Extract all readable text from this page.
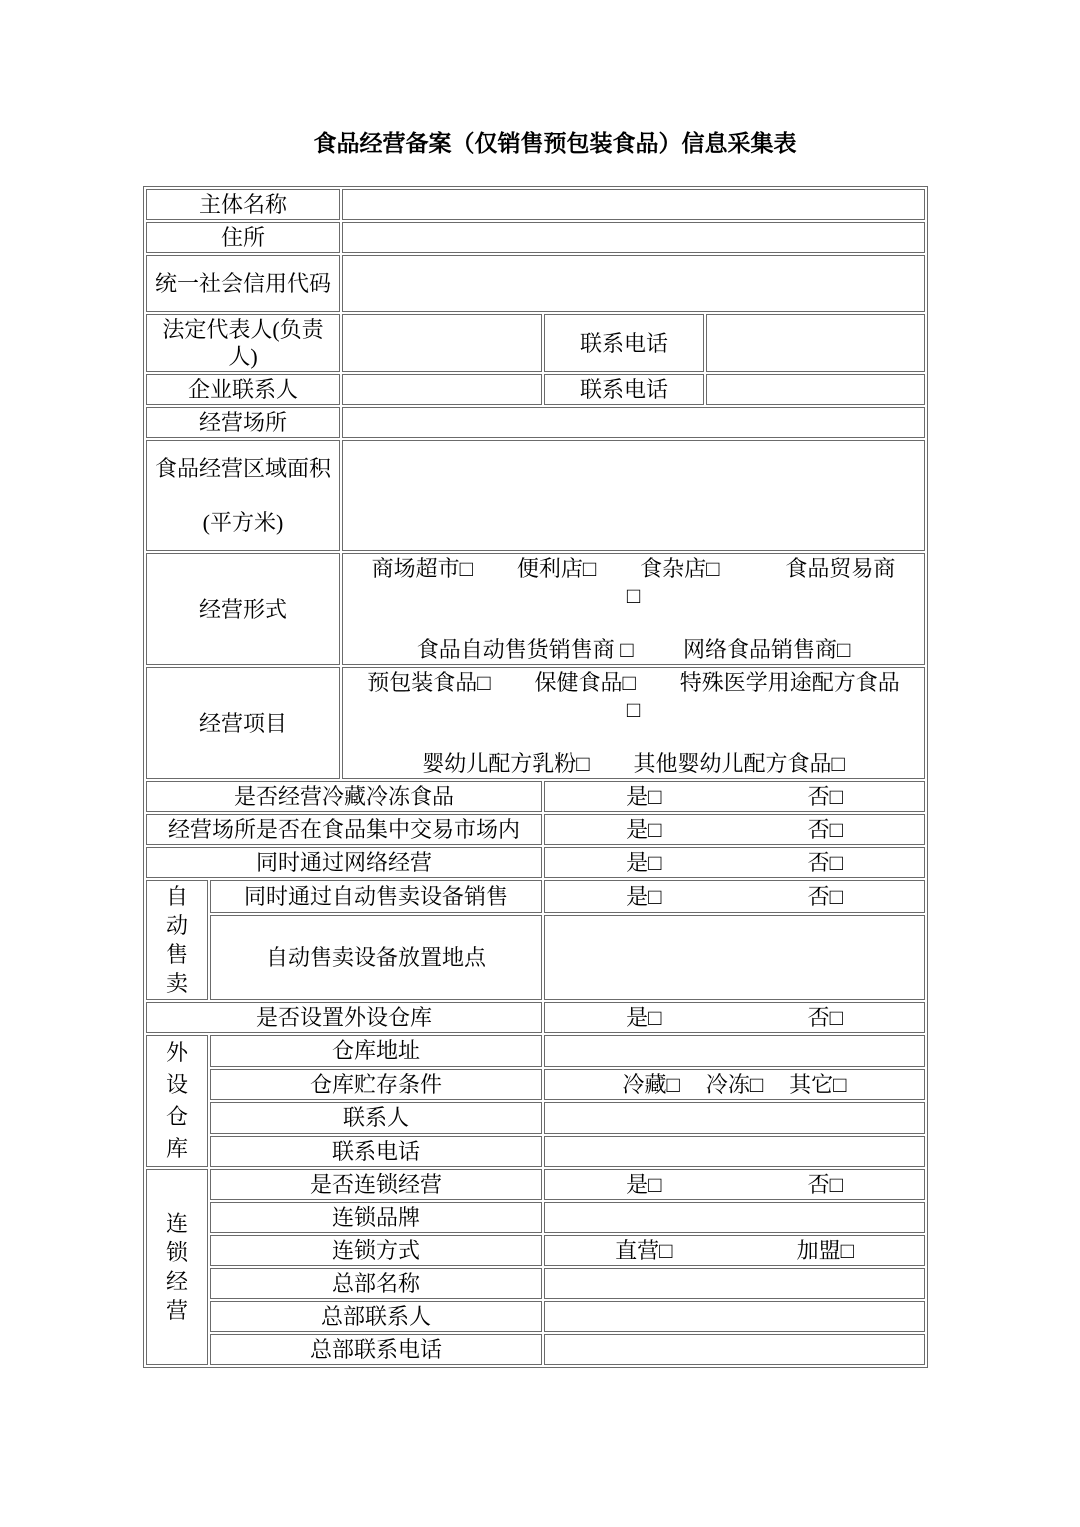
食品经营备案（仅销售预包装食品）信息采集表
主体名称				
住所				
统一社会信用代码				
法定代表人(负责人)			联系电话	
企业联系人			联系电话	
经营场所				

食品经营区域面积

(平方米)				

经营形式		商场超市□　　便利店□　　食杂店□　　　食品贸易商
□

食品自动售货销售商 □　　 网络食品销售商□		

经营项目		预包装食品□　　保健食品□　　特殊医学用途配方食品
□

婴幼儿配方乳粉□　　其他婴幼儿配方食品□		

是否经营冷藏冷冻食品			是□ 否□	

经营场所是否在食品集中交易市场内			是□ 否□	

同时通过网络经营			是□ 否□	

自动售卖	同时通过自动售卖设备销售		是□ 否□	

	自动售卖设备放置地点			
是否设置外设仓库			是□ 否□	

外设仓库	仓库地址			
	仓库贮存条件		冷藏□ 冷冻□ 其它□	

	联系人			
	联系电话			
连锁经营	是否连锁经营		是□ 否□	

	连锁品牌			
	连锁方式		直营□ 加盟□	

	总部名称			
	总部联系人			
	总部联系电话			
